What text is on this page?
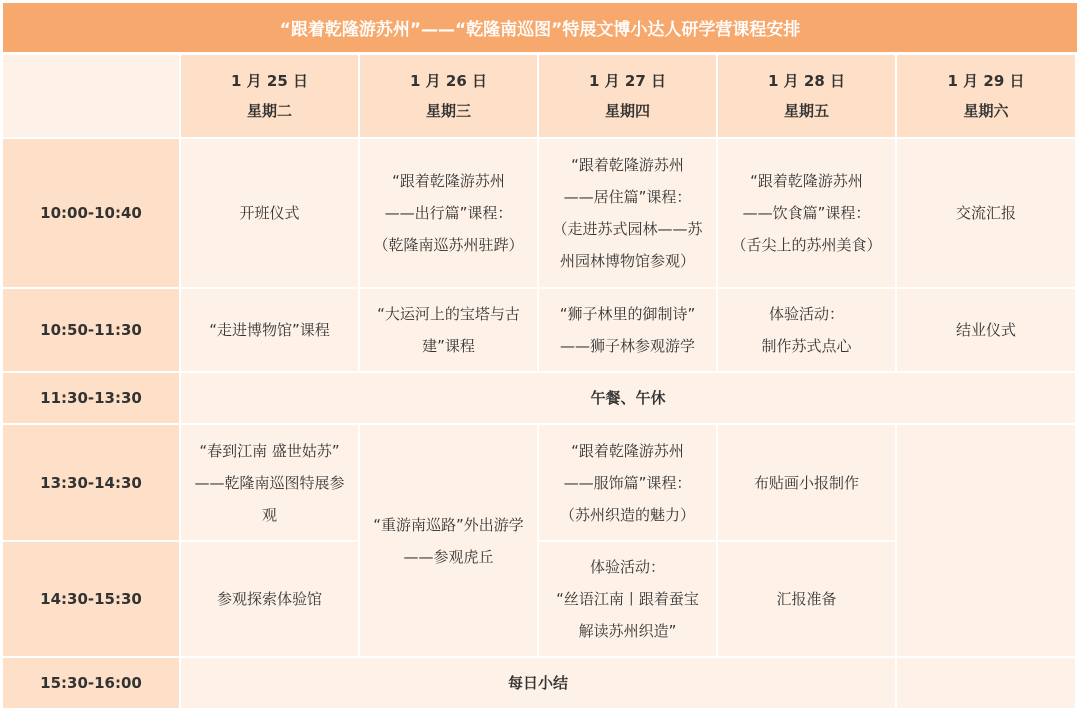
“跟着乾隆游苏州”——“乾隆南巡图”特展文博小达人研学营课程安排

	1 月 25 日
星期二	1 月 26 日
星期三	1 月 27 日
星期四	1 月 28 日
星期五	1 月 29 日
星期六

10:00-10:40	开班仪式	“跟着乾隆游苏州
——出行篇”课程：
（乾隆南巡苏州驻跸）	“跟着乾隆游苏州
——居住篇”课程：
（走进苏式园林——苏
州园林博物馆参观）	“跟着乾隆游苏州
——饮食篇”课程：
（舌尖上的苏州美食）	交流汇报

10:50-11:30	“走进博物馆”课程	“大运河上的宝塔与古
建”课程	“狮子林里的御制诗”
——狮子林参观游学	体验活动：
制作苏式点心	结业仪式

11:30-13:30	午餐、午休				
13:30-14:30	“春到江南 盛世姑苏”
——乾隆南巡图特展参
观	“重游南巡路”外出游学
——参观虎丘	“跟着乾隆游苏州
——服饰篇”课程：
（苏州织造的魅力）	布贴画小报制作	

14:30-15:30	参观探索体验馆		体验活动：
“丝语江南丨跟着蚕宝
解读苏州织造”	汇报准备	

15:30-16:00	每日小结				
